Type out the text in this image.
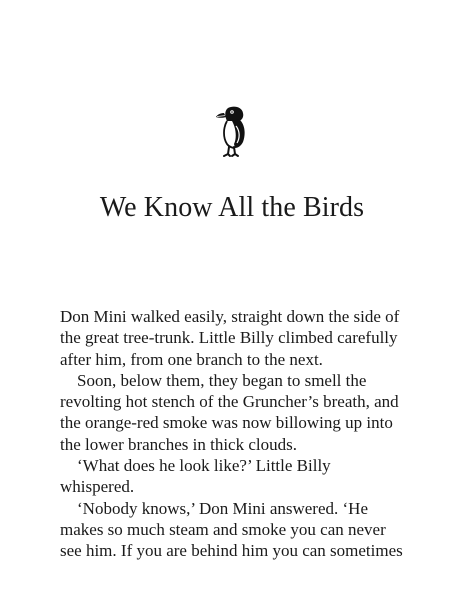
We Know All the Birds
Don Mini walked easily, straight down the side of
the great tree-trunk. Little Billy climbed carefully
after him, from one branch to the next.
Soon, below them, they began to smell the
revolting hot stench of the Gruncher’s breath, and
the orange-red smoke was now billowing up into
the lower branches in thick clouds.
‘What does he look like?’ Little Billy
whispered.
‘Nobody knows,’ Don Mini answered. ‘He
makes so much steam and smoke you can never
see him. If you are behind him you can sometimes
